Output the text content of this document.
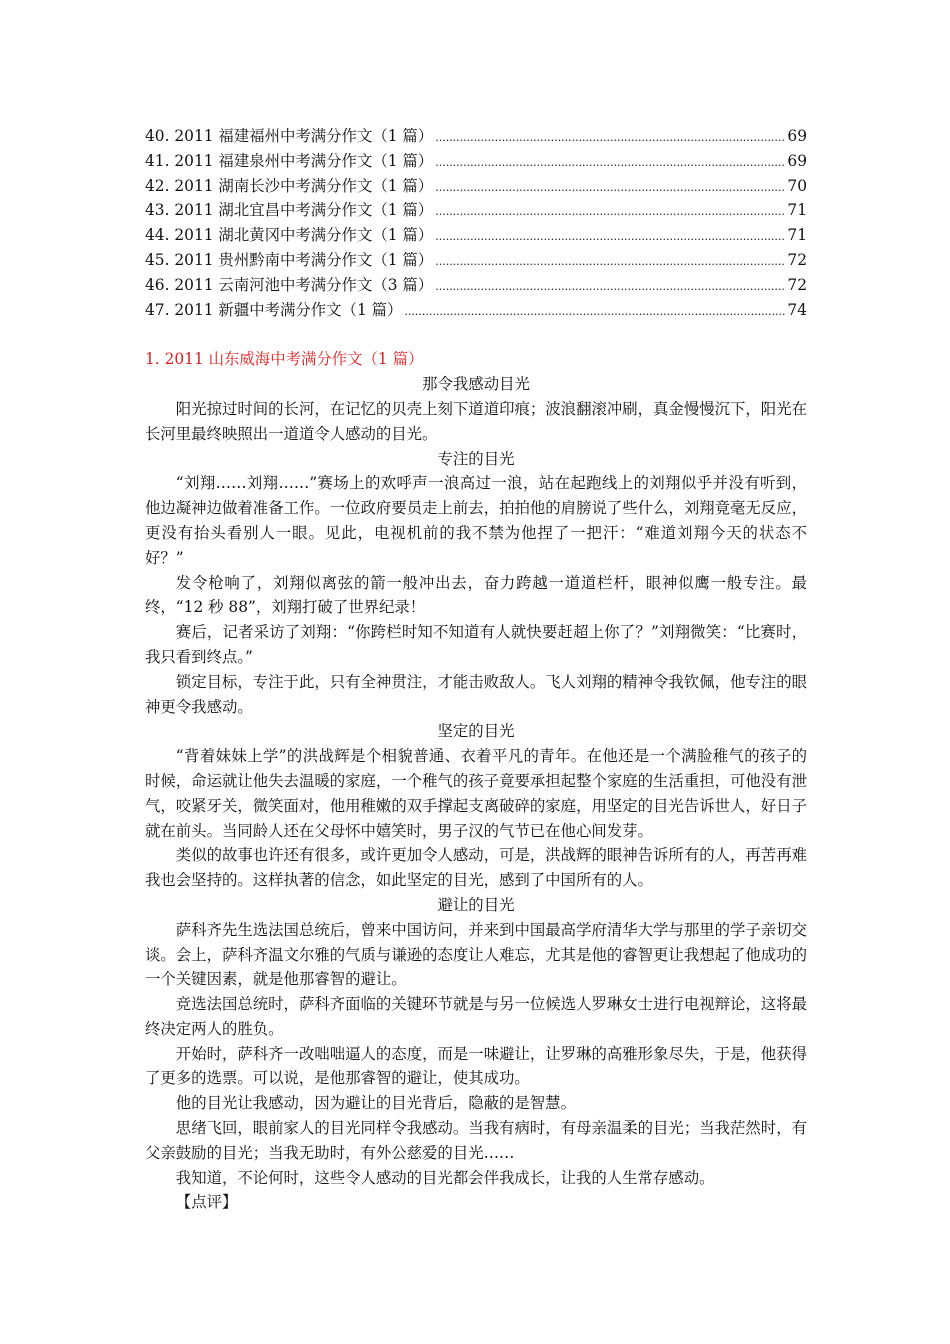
40. 2011 福建福州中考满分作文（1 篇） .....	69
41. 2011 福建泉州中考满分作文（1 篇） .....	69
42. 2011 湖南长沙中考满分作文（1 篇） .....	70
43. 2011 湖北宜昌中考满分作文（1 篇） .....	71
44. 2011 湖北黄冈中考满分作文（1 篇） .....	71
45. 2011 贵州黔南中考满分作文（1 篇） .....	72
46. 2011 云南河池中考满分作文（3 篇） .....	72
47. 2011 新疆中考满分作文（1 篇） .....	74
1. 2011 山东威海中考满分作文（1 篇）
那令我感动目光
阳光掠过时间的长河，在记忆的贝壳上刻下道道印痕；波浪翻滚冲刷，真金慢慢沉下，阳光在长河里最终映照出一道道令人感动的目光。
专注的目光
“刘翔……刘翔……”赛场上的欢呼声一浪高过一浪，站在起跑线上的刘翔似乎并没有听到，他边凝神边做着准备工作。一位政府要员走上前去，拍拍他的肩膀说了些什么，刘翔竟毫无反应，更没有抬头看别人一眼。见此，电视机前的我不禁为他捏了一把汗：“难道刘翔今天的状态不好？”
发令枪响了，刘翔似离弦的箭一般冲出去，奋力跨越一道道栏杆，眼神似鹰一般专注。最终，“12 秒 88”，刘翔打破了世界纪录！
赛后，记者采访了刘翔：“你跨栏时知不知道有人就快要赶超上你了？”刘翔微笑：“比赛时，我只看到终点。”
锁定目标，专注于此，只有全神贯注，才能击败敌人。飞人刘翔的精神令我钦佩，他专注的眼神更令我感动。
坚定的目光
“背着妹妹上学”的洪战辉是个相貌普通、衣着平凡的青年。在他还是一个满脸稚气的孩子的时候，命运就让他失去温暖的家庭，一个稚气的孩子竟要承担起整个家庭的生活重担，可他没有泄气，咬紧牙关，微笑面对，他用稚嫩的双手撑起支离破碎的家庭，用坚定的目光告诉世人，好日子就在前头。当同龄人还在父母怀中嬉笑时，男子汉的气节已在他心间发芽。
类似的故事也许还有很多，或许更加令人感动，可是，洪战辉的眼神告诉所有的人，再苦再难我也会坚持的。这样执著的信念，如此坚定的目光，感到了中国所有的人。
避让的目光
萨科齐先生选法国总统后，曾来中国访问，并来到中国最高学府清华大学与那里的学子亲切交谈。会上，萨科齐温文尔雅的气质与谦逊的态度让人难忘，尤其是他的睿智更让我想起了他成功的一个关键因素，就是他那睿智的避让。
竞选法国总统时，萨科齐面临的关键环节就是与另一位候选人罗琳女士进行电视辩论，这将最终决定两人的胜负。
开始时，萨科齐一改咄咄逼人的态度，而是一味避让，让罗琳的高雅形象尽失，于是，他获得了更多的选票。可以说，是他那睿智的避让，使其成功。
他的目光让我感动，因为避让的目光背后，隐蔽的是智慧。
思绪飞回，眼前家人的目光同样令我感动。当我有病时，有母亲温柔的目光；当我茫然时，有父亲鼓励的目光；当我无助时，有外公慈爱的目光……
我知道，不论何时，这些令人感动的目光都会伴我成长，让我的人生常存感动。
【点评】
